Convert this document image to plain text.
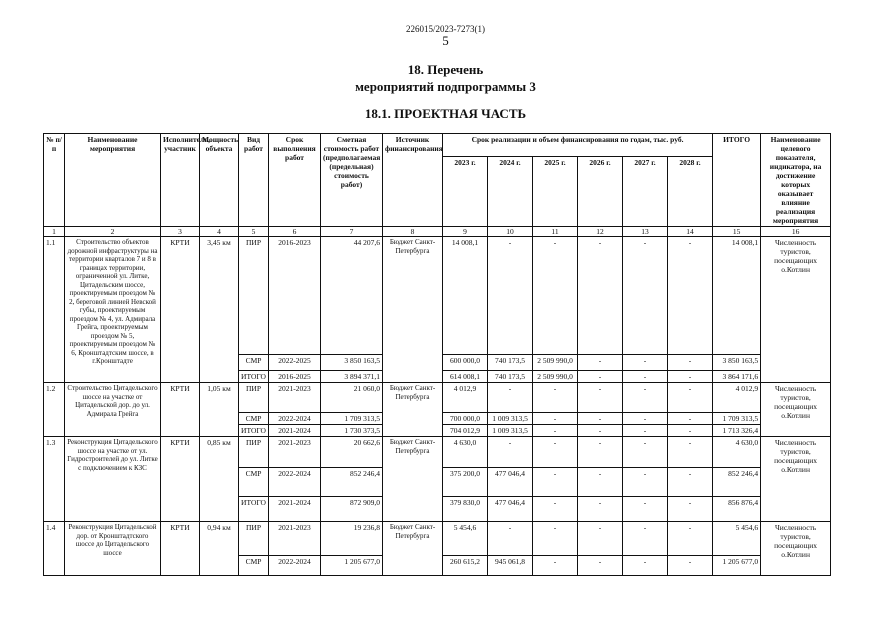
226015/2023-7273(1)
5
18. Перечень
мероприятий подпрограммы 3
18.1. ПРОЕКТНАЯ ЧАСТЬ
№ п/п	Наименование мероприятия	Исполнитель, участник	Мощность объекта	Вид работ	Срок выполнения работ	Сметная стоимость работ (предполагаемая (предельная) стоимость работ)	Источник финансирования	Срок реализации и объем финансирования по годам, тыс. руб.						ИТОГО	Наименование целевого показателя, индикатора, на достижение которых оказывает влияние реализация мероприятия
								2023 г.	2024 г.	2025 г.	2026 г.	2027 г.	2028 г.		
1	2	3	4	5	6	7	8	9	10	11	12	13	14	15	16
1.1	Строительство объектов дорожной инфраструктуры на территории кварталов 7 и 8 в границах территории, ограниченной ул. Литке, Цитадельским шоссе, проектируемым проездом № 2, береговой линией Невской губы, проектируемым проездом № 4, ул. Адмирала Грейга, проектируемым проездом № 5, проектируемым проездом № 6, Кронштадтским шоссе, в г.Кронштадте	КРТИ	3,45 км	ПИР	2016-2023	44 207,6	Бюджет Санкт-Петербурга	14 008,1	-	-	-	-	-	14 008,1	Численность туристов, посещающих о.Котлин
				СМР	2022-2025	3 850 163,5		600 000,0	740 173,5	2 509 990,0	-	-	-	3 850 163,5	
				ИТОГО	2016-2025	3 894 371,1		614 008,1	740 173,5	2 509 990,0	-	-	-	3 864 171,6	
1.2	Строительство Цитадельского шоссе на участке от Цитадельской дор. до ул. Адмирала Грейга	КРТИ	1,05 км	ПИР	2021-2023	21 060,0	Бюджет Санкт-Петербурга	4 012,9	-	-	-	-	-	4 012,9	Численность туристов, посещающих о.Котлин
				СМР	2022-2024	1 709 313,5		700 000,0	1 009 313,5	-	-	-	-	1 709 313,5	
				ИТОГО	2021-2024	1 730 373,5		704 012,9	1 009 313,5	-	-	-	-	1 713 326,4	
1.3	Реконструкция Цитадельского шоссе на участке от ул. Гидростроителей до ул. Литке с подключением к КЗС	КРТИ	0,85 км	ПИР	2021-2023	20 662,6	Бюджет Санкт-Петербурга	4 630,0	-	-	-	-	-	4 630,0	Численность туристов, посещающих о.Котлин
				СМР	2022-2024	852 246,4		375 200,0	477 046,4	-	-	-	-	852 246,4	
				ИТОГО	2021-2024	872 909,0		379 830,0	477 046,4	-	-	-	-	856 876,4	
1.4	Реконструкция Цитадельской дор. от Кронштадтского шоссе до Цитадельского шоссе	КРТИ	0,94 км	ПИР	2021-2023	19 236,8	Бюджет Санкт-Петербурга	5 454,6	-	-	-	-	-	5 454,6	Численность туристов, посещающих о.Котлин
				СМР	2022-2024	1 205 677,0		260 615,2	945 061,8	-	-	-	-	1 205 677,0	
